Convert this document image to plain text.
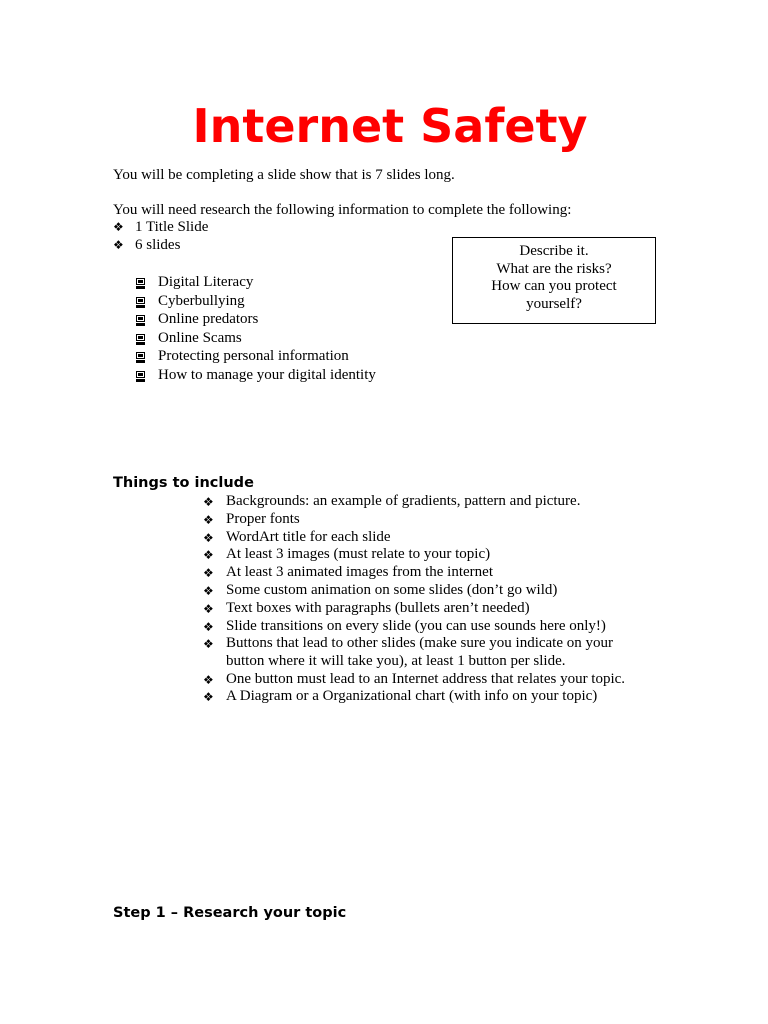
Internet Safety

You will be completing a slide show that is 7 slides long.

You will need research the following information to complete the following:

❖ 1 Title Slide
❖ 6 slides
Digital Literacy
Cyberbullying
Online predators
Online Scams
Protecting personal information
How to manage your digital identity
Describe it.
What are the risks?
How can you protect
yourself?
Things to include
❖ Backgrounds: an example of gradients, pattern and picture.
❖ Proper fonts
❖ WordArt title for each slide
❖ At least 3 images (must relate to your topic)
❖ At least 3 animated images from the internet
❖ Some custom animation on some slides (don’t go wild)
❖ Text boxes with paragraphs (bullets aren’t needed)
❖ Slide transitions on every slide (you can use sounds here only!)
❖ Buttons that lead to other slides (make sure you indicate on your button where it will take you), at least 1 button per slide.
❖ One button must lead to an Internet address that relates your topic.
❖ A Diagram or a Organizational chart (with info on your topic)
Step 1 – Research your topic
